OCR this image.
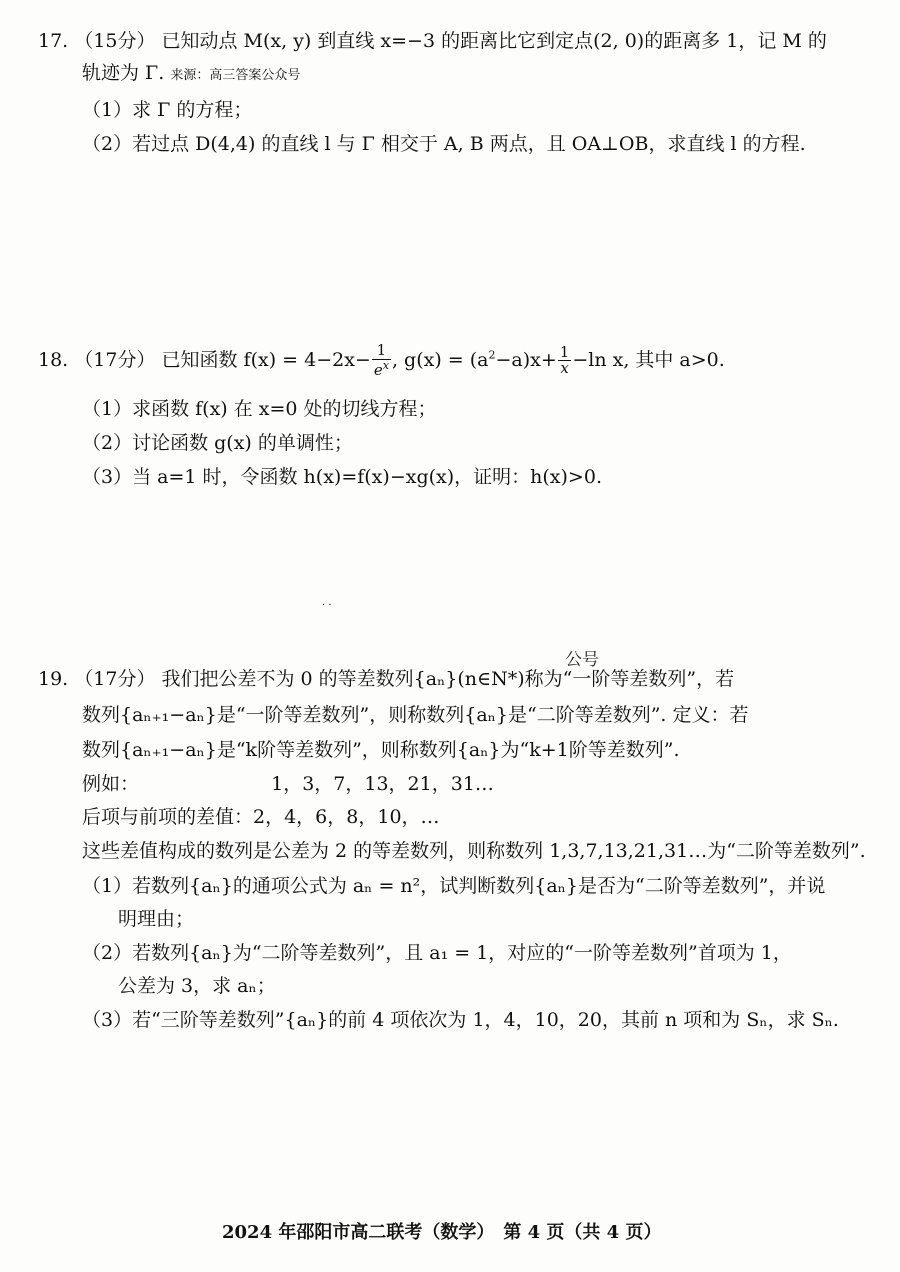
17. （15分） 已知动点 M(x, y) 到直线 x=−3 的距离比它到定点(2, 0)的距离多 1，记 M 的
轨迹为 Γ. 来源：高三答案公众号
（1）求 Γ 的方程；
（2）若过点 D(4,4) 的直线 l 与 Γ 相交于 A, B 两点，且 OA⊥OB，求直线 l 的方程.
18. （17分） 已知函数 $f(x) = 4-2x- \frac{1}{e^x}$ , $g(x) = (a^2-a)x+ \frac{1}{x} -\ln$ x, 其中 a>0.
（1）求函数 f(x) 在 x=0 处的切线方程；
（2）讨论函数 g(x) 的单调性；
（3）当 a=1 时，令函数 h(x)=f(x)−xg(x)，证明：h(x)>0.
· ·
19. （17分） 我们把公差不为 0 的等差数列{aₙ}(n∈N*)称为“一阶等差数列”，若
公号
数列{aₙ₊₁−aₙ}是“一阶等差数列”，则称数列{aₙ}是“二阶等差数列”. 定义：若
数列{aₙ₊₁−aₙ}是“k阶等差数列”，则称数列{aₙ}为“k+1阶等差数列”.
例如：	1，3，7，13，21，31…
后项与前项的差值：2，4，6，8，10，…
这些差值构成的数列是公差为 2 的等差数列，则称数列 1,3,7,13,21,31…为“二阶等差数列”.
（1）若数列{aₙ}的通项公式为 aₙ = n²，试判断数列{aₙ}是否为“二阶等差数列”，并说
明理由；
（2）若数列{aₙ}为“二阶等差数列”，且 a₁ = 1，对应的“一阶等差数列”首项为 1，
公差为 3，求 aₙ；
（3）若“三阶等差数列”{aₙ}的前 4 项依次为 1，4，10，20，其前 n 项和为 Sₙ，求 Sₙ.
2024 年邵阳市高二联考（数学）　第 4 页（共 4 页）
